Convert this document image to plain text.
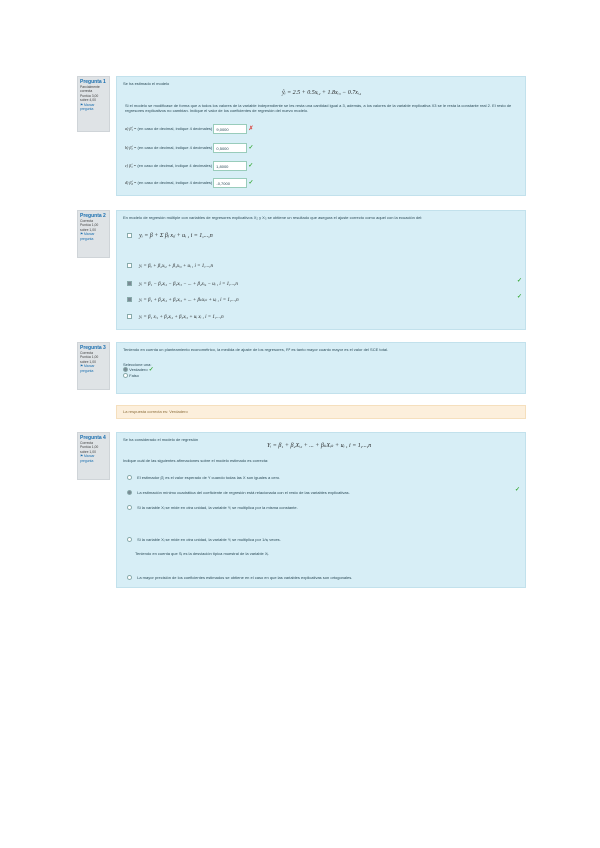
Pregunta 1
Parcialmente correcta
Puntúa 3,00 sobre 4,00
⚑ Marcar pregunta
Se ha estimado el modelo
ŷᵢ = 2.5 + 0.5xᵢ₂ + 1.8xᵢ₃ − 0.7xᵢ₄
Si el modelo se modificase de forma que a todos los valores de la variable independiente se les resta una cantidad igual a 3, además, a los valores de la variable explicativa X3 se le resta la constante real 2. El resto de regresores explicativos no cambian. Indique el valor de los coeficientes de regresión del nuevo modelo.
a) β̂₁ = (en caso de decimal, indique 4 decimales) 9,0000	✗
b) β̂₂ = (en caso de decimal, indique 4 decimales) 0,5000	✓
c) β̂₃ = (en caso de decimal, indique 4 decimales) 1,8000	✓
d) β̂₄ = (en caso de decimal, indique 4 decimales) -0,7000	✓
Pregunta 2
Correcta
Puntúa 1,00 sobre 1,00
⚑ Marcar pregunta
En modelo de regresión múltiple con variables de regresores explicativos X₂ y X₃ se obtiene un resultado que asegura el ajuste correcto como aquel con la ecuación del:
yᵢ = β + Σ βⱼ xᵢⱼ + uᵢ , i = 1,...,n
yᵢ = βₓ + β₂xᵢ₂ + β₃xᵢ₃ + uᵢ , i = 1,...,n
yᵢ = β₁ − β₂xᵢ₂ − β₃xᵢ₃ − ... + β₄xᵢ₄ − uᵢ , i = 1,...,n
yᵢ = β₁ + β₂xᵢ₂ + β₃xᵢ₃ + ... + βₖxᵢₖ + uᵢ , i = 1,...,n
yᵢ = β₁ xᵢ₁ + β₂xᵢ₂ + β₃xᵢ₃ + uᵢ xᵢ , i = 1,...,n
✓
✓
Pregunta 3
Correcta
Puntúa 1,00 sobre 1,00
⚑ Marcar pregunta
Teniendo en cuenta un planteamiento econométrico, la medida de ajuste de los regresores, R² es tanto mayor cuanto mayor es el valor del SCE total.
Seleccione una:
Verdadero ✓
Falso
La respuesta correcta es: Verdadero
Pregunta 4
Correcta
Puntúa 1,00 sobre 1,00
⚑ Marcar pregunta
Se ha considerado el modelo de regresión
Yᵢ = β₁ + β₂Xᵢ₂ + ... + βₖXᵢₖ + uᵢ , i = 1,...,n
Indique cuál de las siguientes afirmaciones sobre el modelo estimado es correcta:
El estimador β̂₁ es el valor esperado de Y cuando todas las X son iguales a cero.
La estimación mínimo cuadrática del coeficiente de regresión está relacionada con el resto de las variables explicativas.	✓
Si la variable Xᵢ se mide en otra unidad, la variable Yᵢ se multiplica por la misma constante.
Si la variable Xᵢ se mide en otra unidad, la variable Yᵢ se multiplica por 1/sᵢ veces.
Teniendo en cuenta que Sᵢ es la desviación típica muestral de la variable Xᵢ.
La mayor precisión de los coeficientes estimados se obtiene en el caso en que las variables explicativas son ortogonales.
